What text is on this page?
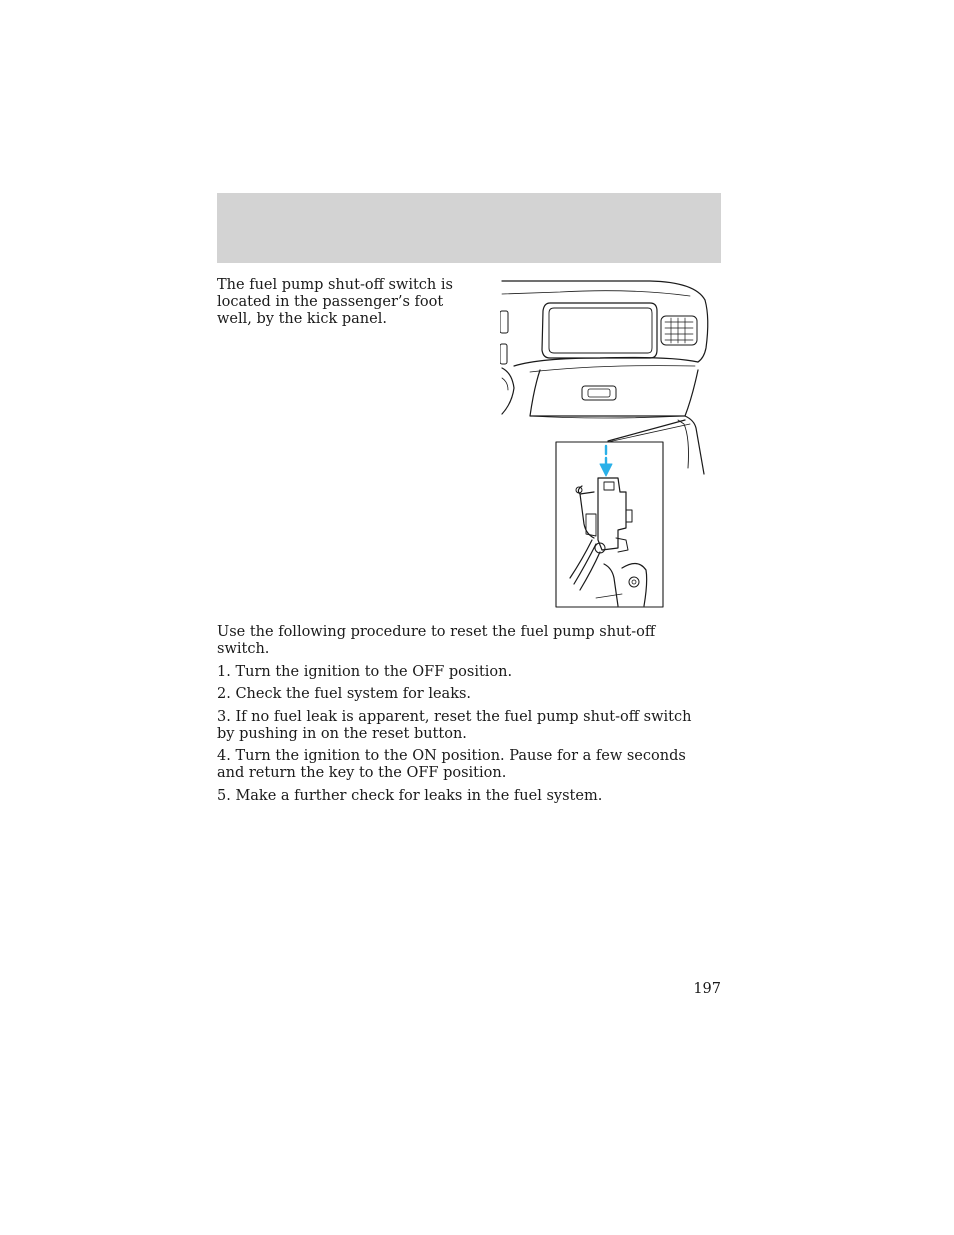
The fuel pump shut-off switch is located in the passenger’s foot well, by the kick panel.

Use the following procedure to reset the fuel pump shut-off switch.

1. Turn the ignition to the OFF position.

2. Check the fuel system for leaks.

3. If no fuel leak is apparent, reset the fuel pump shut-off switch by pushing in on the reset button.

4. Turn the ignition to the ON position. Pause for a few seconds and return the key to the OFF position.

5. Make a further check for leaks in the fuel system.

197
